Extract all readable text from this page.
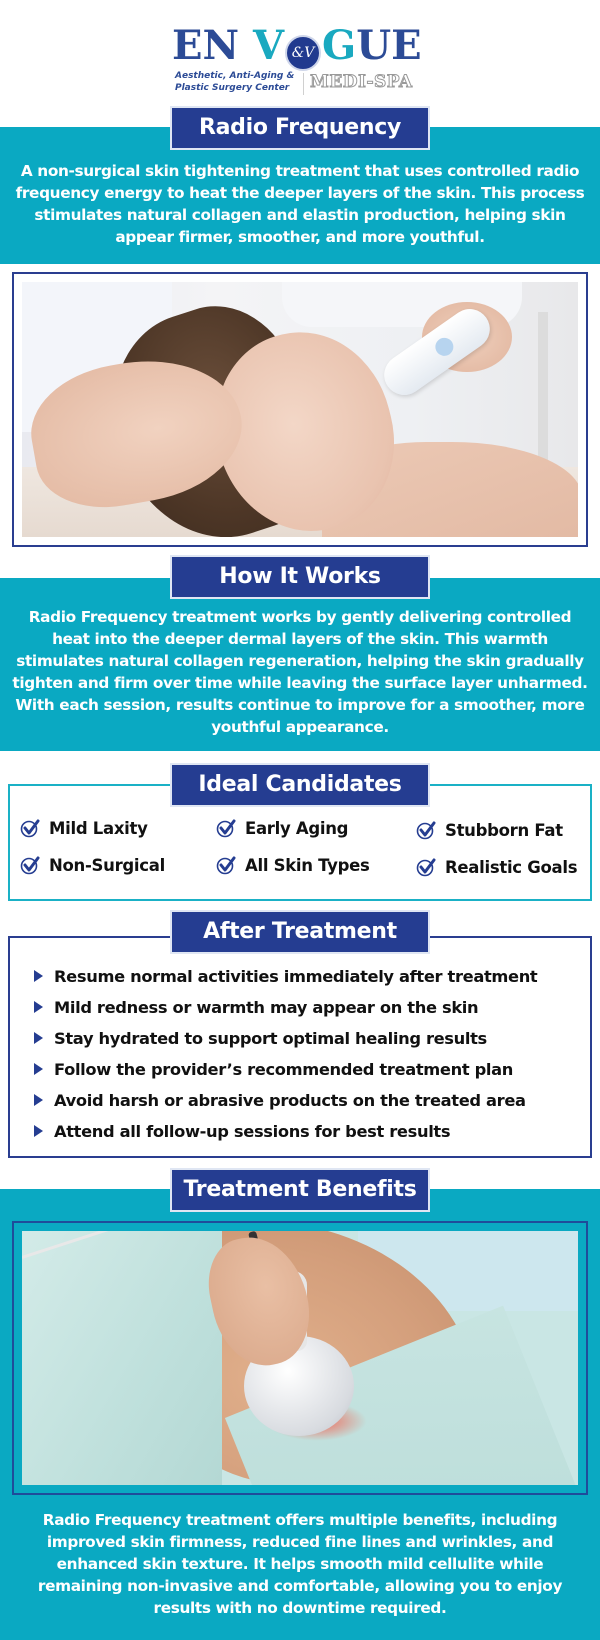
EN V &V GUE
Aesthetic, Anti-Aging &
Plastic Surgery Center	MEDI-SPA
Radio Frequency
A non-surgical skin tightening treatment that uses controlled radio frequency energy to heat the deeper layers of the skin. This process stimulates natural collagen and elastin production, helping skin appear firmer, smoother, and more youthful.
How It Works
Radio Frequency treatment works by gently delivering controlled heat into the deeper dermal layers of the skin. This warmth stimulates natural collagen regeneration, helping the skin gradually tighten and firm over time while leaving the surface layer unharmed. With each session, results continue to improve for a smoother, more youthful appearance.
Ideal Candidates
Mild Laxity	Early Aging	Stubborn Fat
Non-Surgical	All Skin Types	Realistic Goals
After Treatment
Resume normal activities immediately after treatment
Mild redness or warmth may appear on the skin
Stay hydrated to support optimal healing results
Follow the provider’s recommended treatment plan
Avoid harsh or abrasive products on the treated area
Attend all follow-up sessions for best results
Treatment Benefits
Radio Frequency treatment offers multiple benefits, including improved skin firmness, reduced fine lines and wrinkles, and enhanced skin texture. It helps smooth mild cellulite while remaining non-invasive and comfortable, allowing you to enjoy results with no downtime required.
